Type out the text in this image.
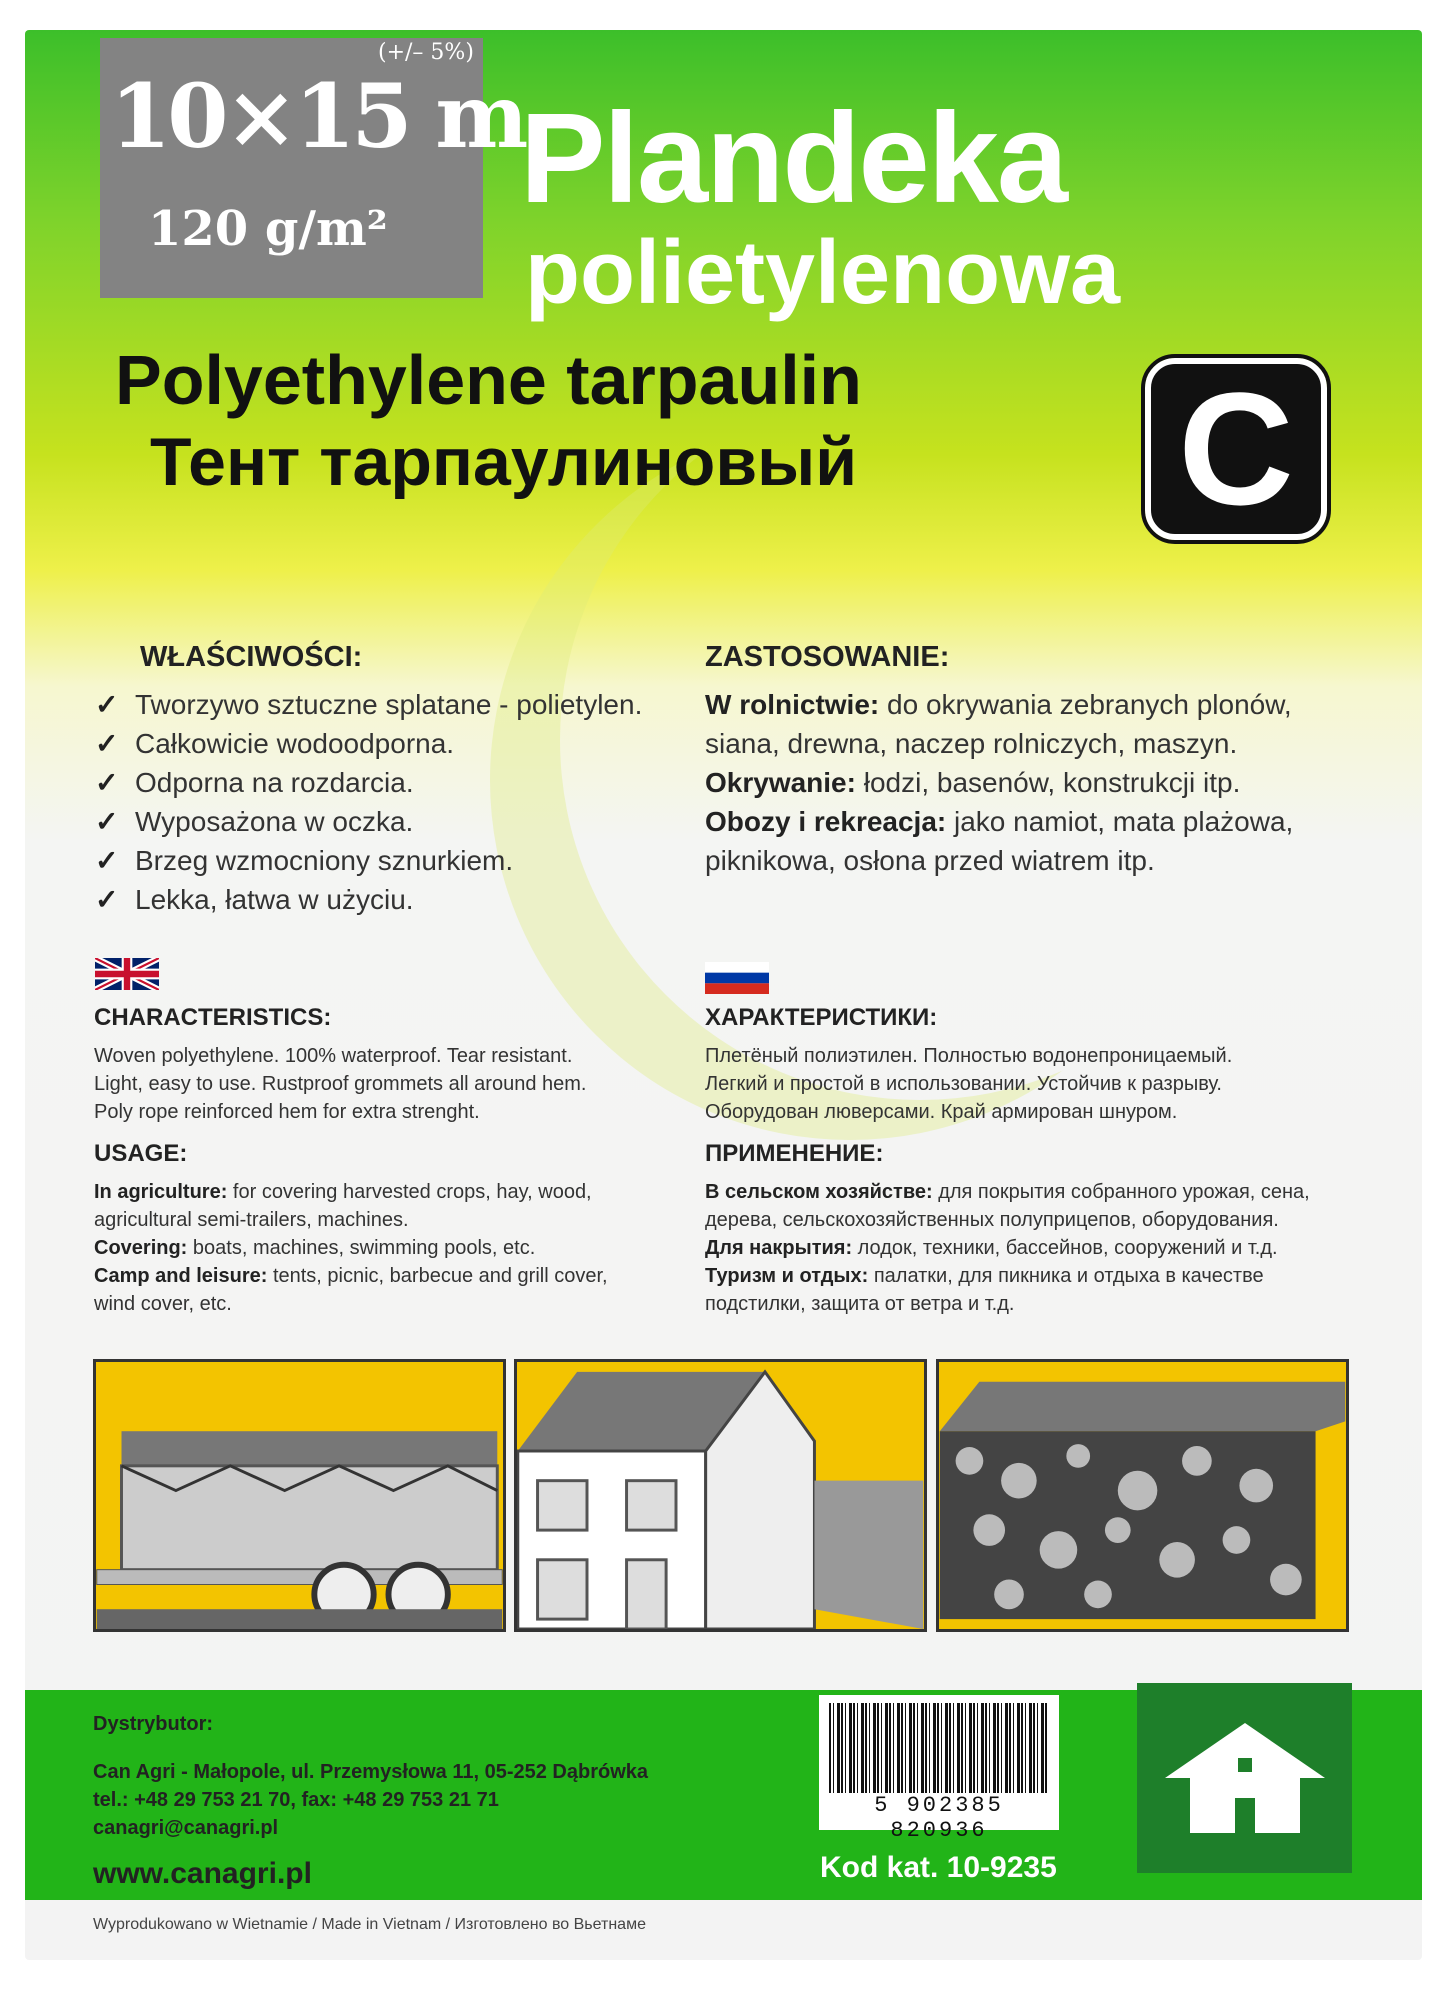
(+/– 5%)
10×15 m
120 g/m² Plandeka
polietylenowa
Polyethylene tarpaulin
Тент тарпаулиновый C
WŁAŚCIWOŚCI:
✓ Tworzywo sztuczne splatane - polietylen.
✓ Całkowicie wodoodporna.
✓ Odporna na rozdarcia.
✓ Wyposażona w oczka.
✓ Brzeg wzmocniony sznurkiem.
✓ Lekka, łatwa w użyciu.
ZASTOSOWANIE:
W rolnictwie: do okrywania zebranych plonów, siana, drewna, naczep rolniczych, maszyn.
Okrywanie: łodzi, basenów, konstrukcji itp.
Obozy i rekreacja: jako namiot, mata plażowa, piknikowa, osłona przed wiatrem itp.
CHARACTERISTICS:
Woven polyethylene. 100% waterproof. Tear resistant.
Light, easy to use. Rustproof grommets all around hem.
Poly rope reinforced hem for extra strenght.
USAGE:
In agriculture: for covering harvested crops, hay, wood, agricultural semi-trailers, machines.
Covering: boats, machines, swimming pools, etc.
Camp and leisure: tents, picnic, barbecue and grill cover, wind cover, etc.
ХАРАКТЕРИСТИКИ:
Плетёный полиэтилен. Полностью водонепроницаемый.
Легкий и простой в использовании. Устойчив к разрыву.
Оборудован люверсами. Край армирован шнуром.
ПРИМЕНЕНИЕ:
В сельском хозяйстве: для покрытия собранного урожая, сена, дерева, сельскохозяйственных полуприцепов, оборудования.
Для накрытия: лодок, техники, бассейнов, сооружений и т.д.
Туризм и отдых: палатки, для пикника и отдыха в качестве подстилки, защита от ветра и т.д.
Dystrybutor:
Can Agri - Małopole, ul. Przemysłowa 11, 05-252 Dąbrówka
tel.: +48 29 753 21 70, fax: +48 29 753 21 71
canagri@canagri.pl
www.canagri.pl
5 902385 820936
Kod kat. 10-9235
Wyprodukowano w Wietnamie / Made in Vietnam / Изготовлено во Вьетнаме
